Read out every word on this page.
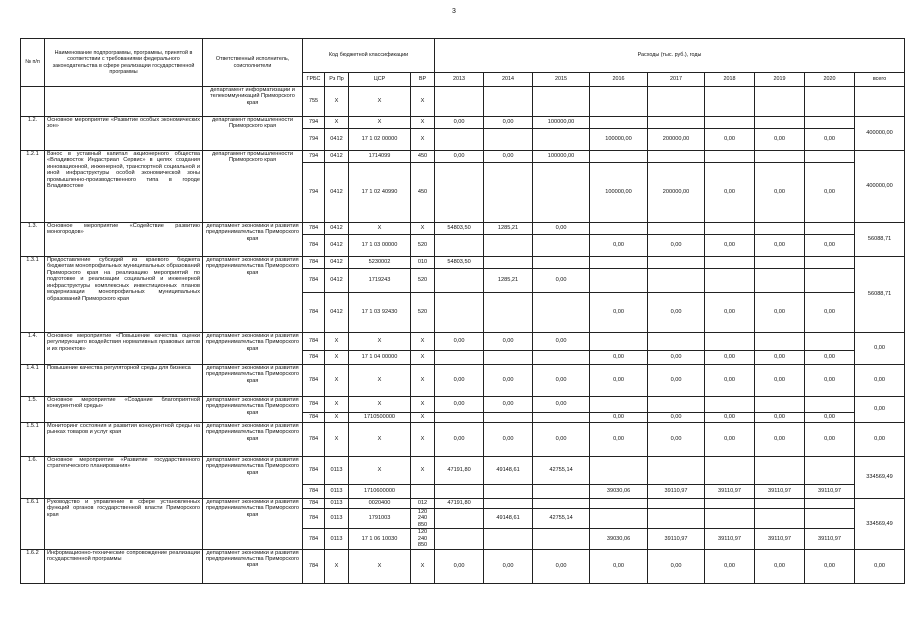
3
№ п/п	Наименование подпрограммы, программы, принятой в соответствии с требованиями федерального законодательства в сфере реализации государственной программы	Ответственный исполнитель, соисполнители	Код бюджетной классификации				Расходы (тыс. руб.), годы								
			ГРБС	Рз Пр	ЦСР	ВР	2013	2014	2015	2016	2017	2018	2019	2020	всего
		департамент информатизации и телекоммуникаций Приморского края	755	X	X	X									
1.2.	Основное мероприятие «Развитие особых экономических зон»	департамент промышленности Приморского края	794	X	X	X	0,00	0,00	100000,00						400000,00
			794	0412	17 1 02 00000	X				100000,00	200000,00	0,00	0,00	0,00	
1.2.1	Взнос в уставный капитал акционерного общества «Владивосток Индастриал Сервис» в целях создания инновационной, инженерной, транспортной социальной и иной инфраструктуры особой экономической зоны промышленно-производственного типа в городе Владивостоке	департамент промышленности Приморского края	794	0412	1714099	450	0,00	0,00	100000,00						400000,00
			794	0412	17 1 02 40990	450				100000,00	200000,00	0,00	0,00	0,00	
1.3.	Основное мероприятие «Содействие развитию моногородов»	департамент экономики и развития предпринимательства Приморского края	784	0412	X	X	54803,50	1285,21	0,00						56088,71
			784	0412	17 1 03 00000	520				0,00	0,00	0,00	0,00	0,00	
1.3.1	Предоставление субсидий из краевого бюджета бюджетам монопрофильных муниципальных образований Приморского края на реализацию мероприятий по подготовке и реализации социальной и инженерной инфраструктуры комплексных инвестиционных планов модернизации монопрофильных муниципальных образований Приморского края	департамент экономики и развития предпринимательства Приморского края	784	0412	5230002	010	54803,50								56088,71
			784	0412	1719243	520		1285,21	0,00						
			784	0412	17 1 03 92430	520				0,00	0,00	0,00	0,00	0,00	
1.4.	Основное мероприятие «Повышение качества оценки регулирующего воздействия нормативных правовых актов и их проектов»	департамент экономики и развития предпринимательства Приморского края	784	X	X	X	0,00	0,00	0,00						0,00
			784	X	17 1 04 00000	X				0,00	0,00	0,00	0,00	0,00	
1.4.1	Повышение качества регуляторной среды для бизнеса	департамент экономики и развития предпринимательства Приморского края	784	X	X	X	0,00	0,00	0,00	0,00	0,00	0,00	0,00	0,00	0,00
1.5.	Основное мероприятие «Создание благоприятной конкурентной среды»	департамент экономики и развития предпринимательства Приморского края	784	X	X	X	0,00	0,00	0,00						0,00
			784	X	1710500000	X				0,00	0,00	0,00	0,00	0,00	
1.5.1	Мониторинг состояния и развития конкурентной среды на рынках товаров и услуг края	департамент экономики и развития предпринимательства Приморского края	784	X	X	X	0,00	0,00	0,00	0,00	0,00	0,00	0,00	0,00	0,00
1.6.	Основное мероприятие «Развитие государственного стратегического планирования»	департамент экономики и развития предпринимательства Приморского края	784	0113	X	X	47191,80	49148,61	42755,14						334569,49
			784	0113	1710600000					39030,06	39110,97	39110,97	39110,97	39110,97	
1.6.1	Руководство и управление в сфере установленных функций органов государственной власти Приморского края	департамент экономики и развития предпринимательства Приморского края	784	0113	0020400	012	47191,80								334569,49
			784	0113	1791003	120 240 850		49148,61	42755,14						
			784	0113	17 1 06 10030	120 240 850				39030,06	39110,97	39110,97	39110,97	39110,97	
1.6.2	Информационно-технические сопровождение реализации государственной программы	департамент экономики и развития предпринимательства Приморского края	784	X	X	X	0,00	0,00	0,00	0,00	0,00	0,00	0,00	0,00	0,00
